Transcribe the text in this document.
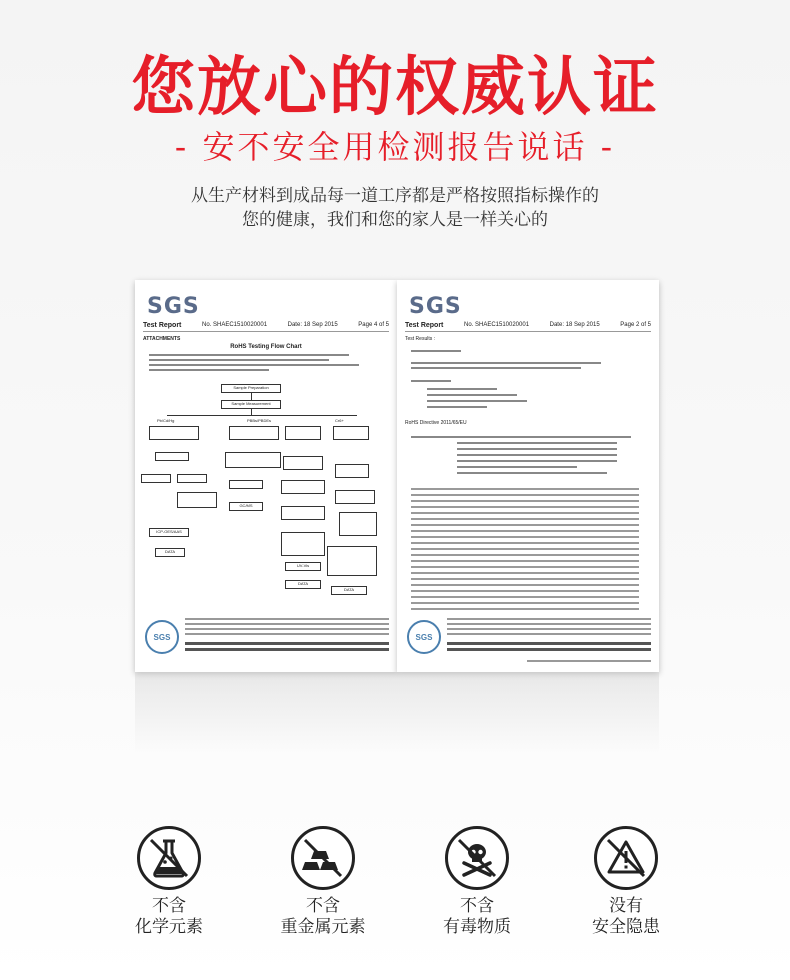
您放心的权威认证
- 安不安全用检测报告说话 -
从生产材料到成品每一道工序都是严格按照指标操作的
您的健康，我们和您的家人是一样关心的
SGS
Test Report	No. SHAEC1510020001	Date: 18 Sep 2015	Page 4 of 5
ATTACHMENTS
RoHS Testing Flow Chart
Sample Preparation
Sample Measurement
Pb/Cd/Hg	PBBs/PBDEs	Cr6+
GC/MS
ICP-OES/AAS
DATA
UV-Vis
DATA
DATA
SGS
SGS
Test Report	No. SHAEC1510020001	Date: 18 Sep 2015	Page 2 of 5
Test Results :
RoHS Directive 2011/65/EU
SGS
不含
化学元素
不含
重金属元素
不含
有毒物质
没有
安全隐患
